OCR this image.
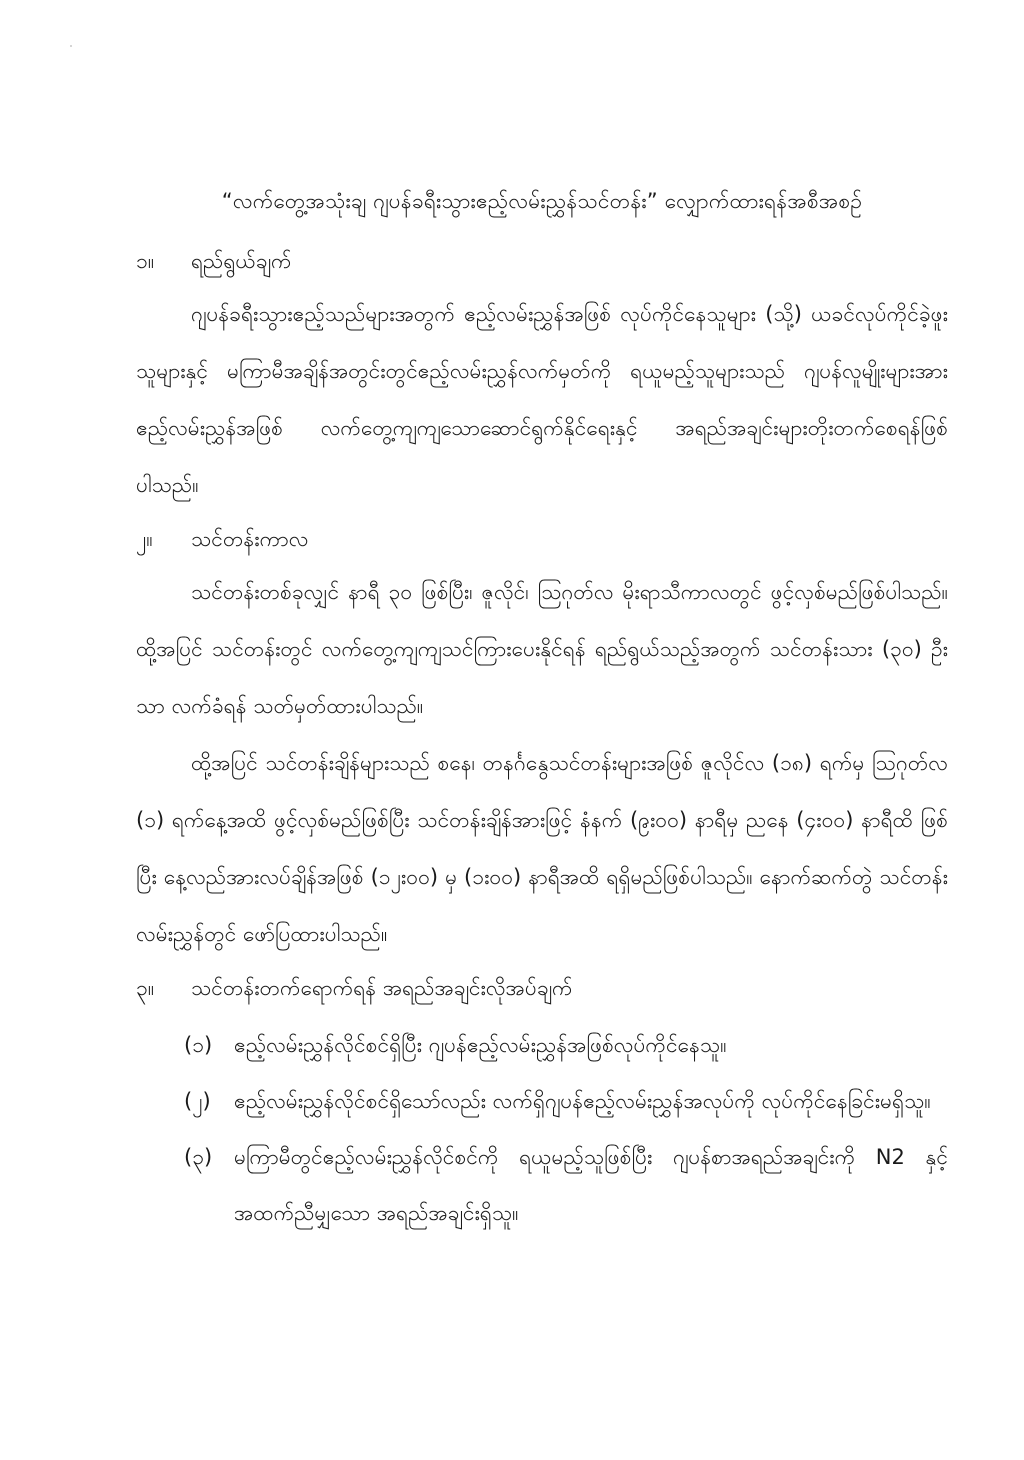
“လက်တွေ့အသုံးချ ဂျပန်ခရီးသွားဧည့်လမ်းညွှန်သင်တန်း” လျှောက်ထားရန်အစီအစဉ်
၁။	ရည်ရွယ်ချက်

ဂျပန်ခရီးသွားဧည့်သည်များအတွက် ဧည့်လမ်းညွှန်အဖြစ် လုပ်ကိုင်နေသူများ (သို့) ယခင်လုပ်ကိုင်ခဲ့ဖူးသူများနှင့် မကြာမီအချိန်အတွင်းတွင်ဧည့်လမ်းညွှန်လက်မှတ်ကို ရယူမည့်သူများသည် ဂျပန်လူမျိုးများအား ဧည့်လမ်းညွှန်အဖြစ် လက်တွေ့ကျကျသောဆောင်ရွက်နိုင်ရေးနှင့် အရည်အချင်းများတိုးတက်စေရန်ဖြစ်ပါသည်။

၂။	သင်တန်းကာလ

သင်တန်းတစ်ခုလျှင် နာရီ ၃၀ ဖြစ်ပြီး၊ ဇူလိုင်၊ ဩဂုတ်လ မိုးရာသီကာလတွင် ဖွင့်လှစ်မည်ဖြစ်ပါသည်။ ထို့အပြင် သင်တန်းတွင် လက်တွေ့ကျကျသင်ကြားပေးနိုင်ရန် ရည်ရွယ်သည့်အတွက် သင်တန်းသား (၃၀) ဦးသာ လက်ခံရန် သတ်မှတ်ထားပါသည်။

ထို့အပြင် သင်တန်းချိန်များသည် စနေ၊ တနင်္ဂနွေသင်တန်းများအဖြစ် ဇူလိုင်လ (၁၈) ရက်မှ ဩဂုတ်လ (၁) ရက်နေ့အထိ ဖွင့်လှစ်မည်ဖြစ်ပြီး သင်တန်းချိန်အားဖြင့် နံနက် (၉း၀၀) နာရီမှ ညနေ (၄း၀၀) နာရီထိ ဖြစ်ပြီး နေ့လည်အားလပ်ချိန်အဖြစ် (၁၂း၀၀) မှ (၁း၀၀) နာရီအထိ ရရှိမည်ဖြစ်ပါသည်။ နောက်ဆက်တွဲ သင်တန်းလမ်းညွှန်တွင် ဖော်ပြထားပါသည်။

၃။	သင်တန်းတက်ရောက်ရန် အရည်အချင်းလိုအပ်ချက်
(၁)	ဧည့်လမ်းညွှန်လိုင်စင်ရှိပြီး ဂျပန်ဧည့်လမ်းညွှန်အဖြစ်လုပ်ကိုင်နေသူ။
(၂)	ဧည့်လမ်းညွှန်လိုင်စင်ရှိသော်လည်း လက်ရှိဂျပန်ဧည့်လမ်းညွှန်အလုပ်ကို လုပ်ကိုင်နေခြင်းမရှိသူ။
(၃)	မကြာမီတွင်ဧည့်လမ်းညွှန်လိုင်စင်ကို ရယူမည့်သူဖြစ်ပြီး ဂျပန်စာအရည်အချင်းကို N2 နှင့်အထက်ညီမျှသော အရည်အချင်းရှိသူ။
